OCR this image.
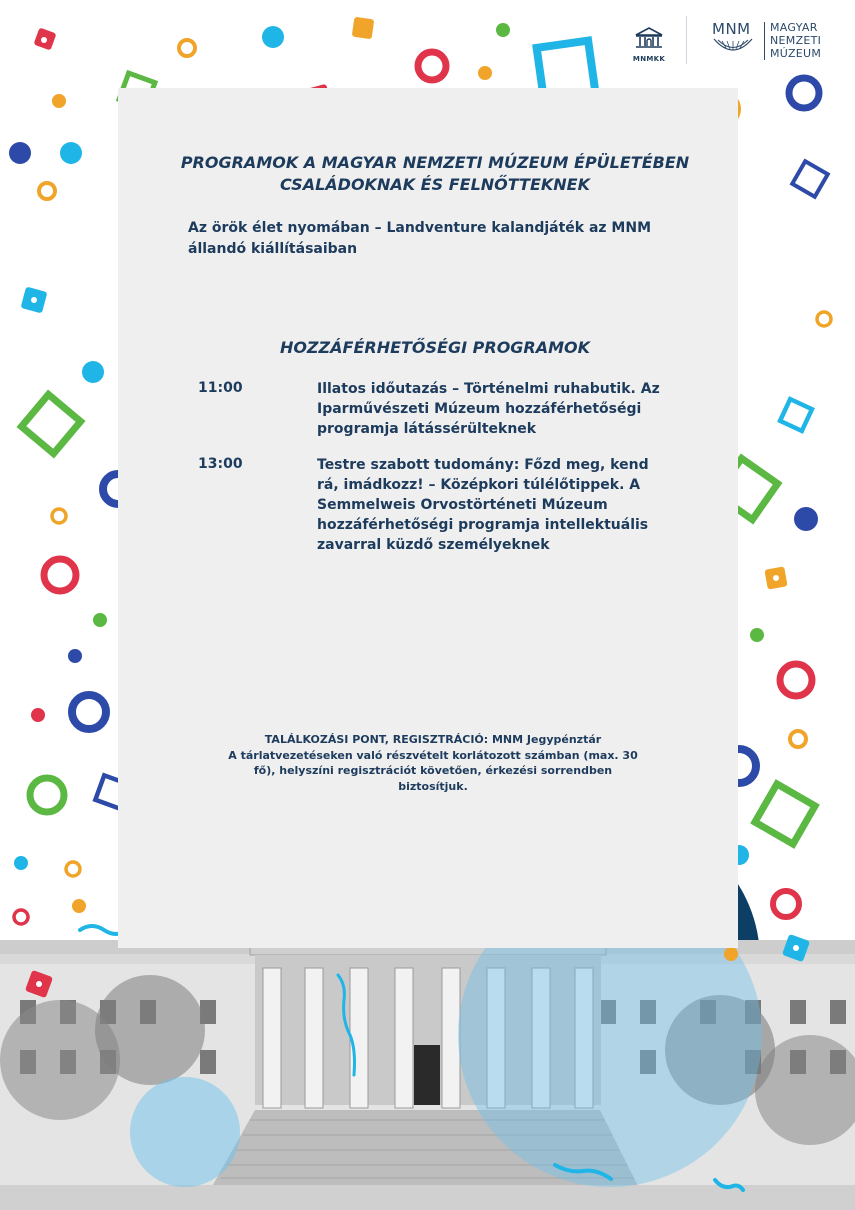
MNMKK
MNM MAGYAR
NEMZETI
MÚZEUM
PROGRAMOK A MAGYAR NEMZETI MÚZEUM ÉPÜLETÉBEN
CSALÁDOKNAK ÉS FELNŐTTEKNEK
Az örök élet nyomában – Landventure kalandjáték az MNM
állandó kiállításaiban
HOZZÁFÉRHETŐSÉGI PROGRAMOK
11:00	Illatos időutazás – Történelmi ruhabutik. Az
Iparművészeti Múzeum hozzáférhetőségi
programja látássérülteknek
13:00	Testre szabott tudomány: Főzd meg, kend
rá, imádkozz! – Középkori túlélőtippek. A
Semmelweis Orvostörténeti Múzeum
hozzáférhetőségi programja intellektuális
zavarral küzdő személyeknek
TALÁLKOZÁSI PONT, REGISZTRÁCIÓ: MNM Jegypénztár
A tárlatvezetéseken való részvételt korlátozott számban (max. 30
fő), helyszíni regisztrációt követően, érkezési sorrendben
biztosítjuk.
